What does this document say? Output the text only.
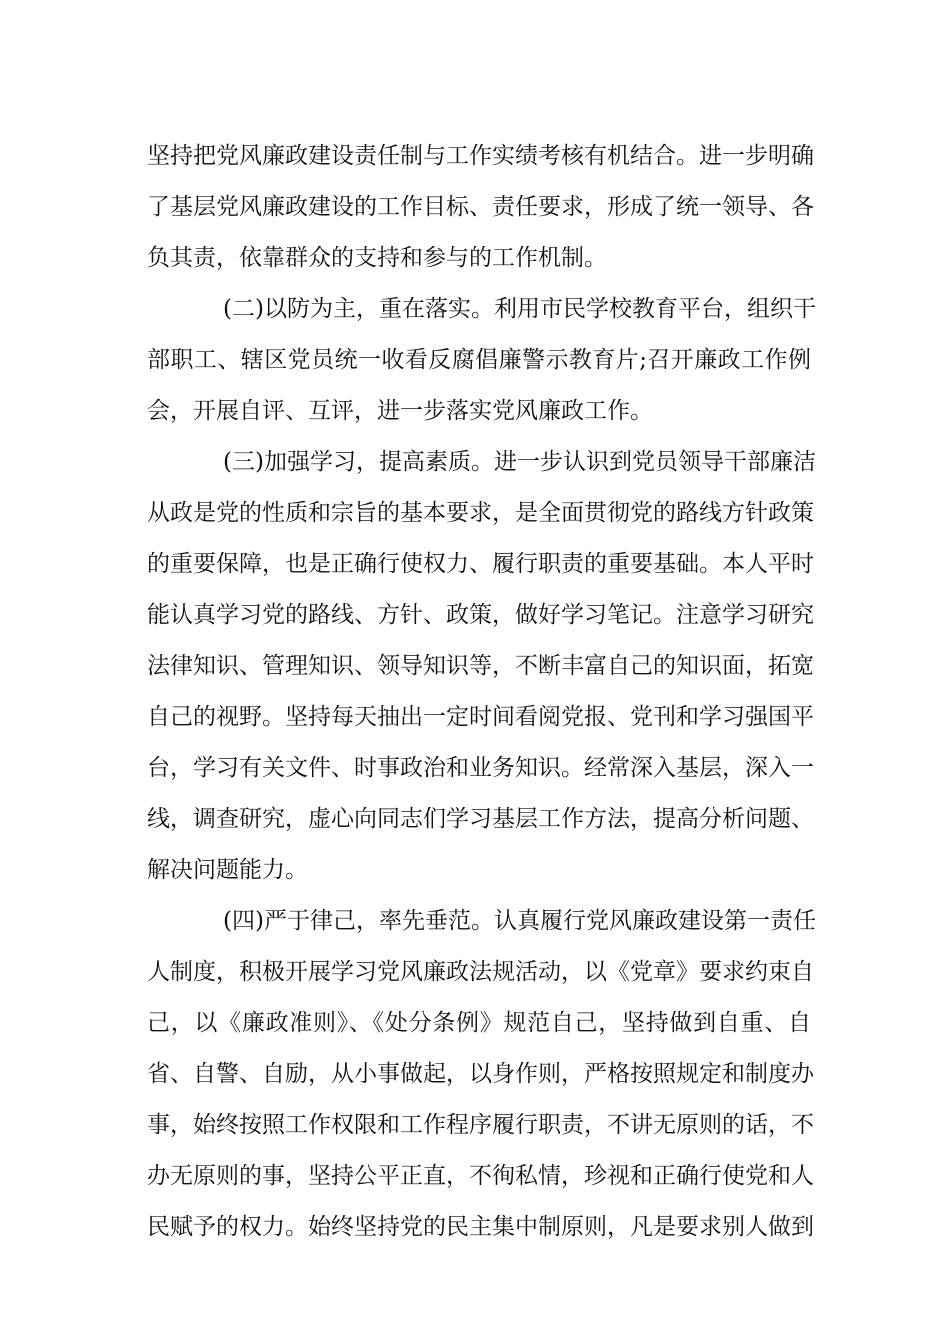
坚持把党风廉政建设责任制与工作实绩考核有机结合。进一步明确
了基层党风廉政建设的工作目标、责任要求，形成了统一领导、各
负其责，依靠群众的支持和参与的工作机制。
(二)以防为主，重在落实。利用市民学校教育平台，组织干
部职工、辖区党员统一收看反腐倡廉警示教育片;召开廉政工作例
会，开展自评、互评，进一步落实党风廉政工作。
(三)加强学习，提高素质。进一步认识到党员领导干部廉洁
从政是党的性质和宗旨的基本要求，是全面贯彻党的路线方针政策
的重要保障，也是正确行使权力、履行职责的重要基础。本人平时
能认真学习党的路线、方针、政策，做好学习笔记。注意学习研究
法律知识、管理知识、领导知识等，不断丰富自己的知识面，拓宽
自己的视野。坚持每天抽出一定时间看阅党报、党刊和学习强国平
台，学习有关文件、时事政治和业务知识。经常深入基层，深入一
线，调查研究，虚心向同志们学习基层工作方法，提高分析问题、
解决问题能力。
(四)严于律己，率先垂范。认真履行党风廉政建设第一责任
人制度，积极开展学习党风廉政法规活动，以《党章》要求约束自
己，以《廉政准则》、《处分条例》规范自己，坚持做到自重、自
省、自警、自励，从小事做起，以身作则，严格按照规定和制度办
事，始终按照工作权限和工作程序履行职责，不讲无原则的话，不
办无原则的事，坚持公平正直，不徇私情，珍视和正确行使党和人
民赋予的权力。始终坚持党的民主集中制原则，凡是要求别人做到
